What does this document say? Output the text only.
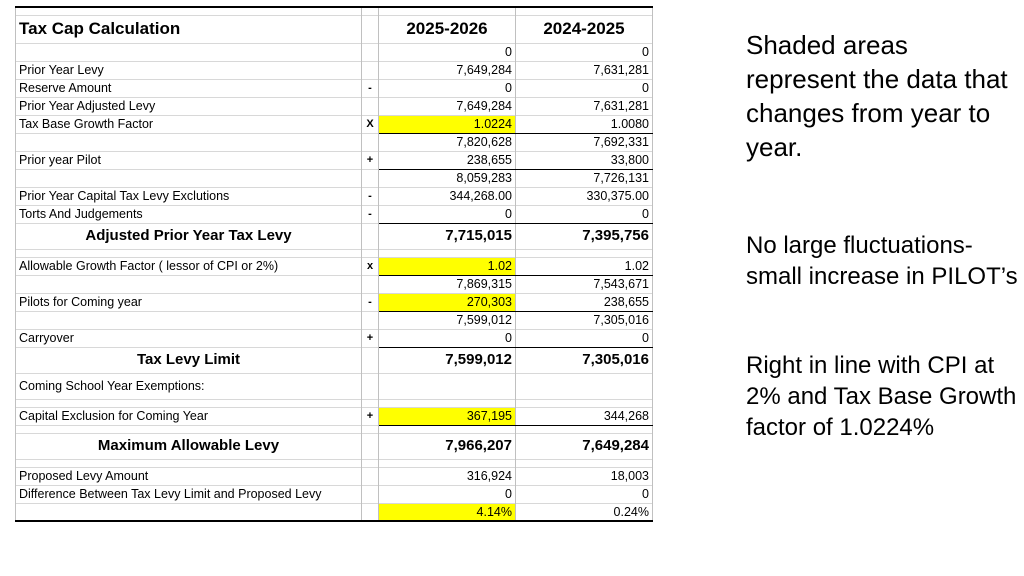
Tax Cap Calculation		2025-2026	2024-2025
		0	0
Prior Year Levy		7,649,284	7,631,281
Reserve Amount	-	0	0
Prior Year Adjusted Levy		7,649,284	7,631,281
Tax Base Growth Factor	X	1.0224	1.0080
		7,820,628	7,692,331
Prior year Pilot	+	238,655	33,800
		8,059,283	7,726,131
Prior Year Capital Tax Levy Exclutions	-	344,268.00	330,375.00
Torts And Judgements	-	0	0
Adjusted Prior Year Tax Levy		7,715,015	7,395,756

Allowable Growth Factor ( lessor of CPI or 2%)	x	1.02	1.02
		7,869,315	7,543,671
Pilots for Coming year	-	270,303	238,655
		7,599,012	7,305,016
Carryover	+	0	0
Tax Levy Limit		7,599,012	7,305,016
Coming School Year Exemptions:			

Capital Exclusion for Coming Year	+	367,195	344,268

Maximum Allowable Levy		7,966,207	7,649,284

Proposed Levy Amount		316,924	18,003
Difference Between Tax Levy Limit and Proposed Levy		0	0
		4.14%	0.24%
Shaded areas represent the data that changes from year to year.
No large fluctuations- small increase in PILOT’s
Right in line with CPI at 2% and Tax Base Growth factor of 1.0224%
